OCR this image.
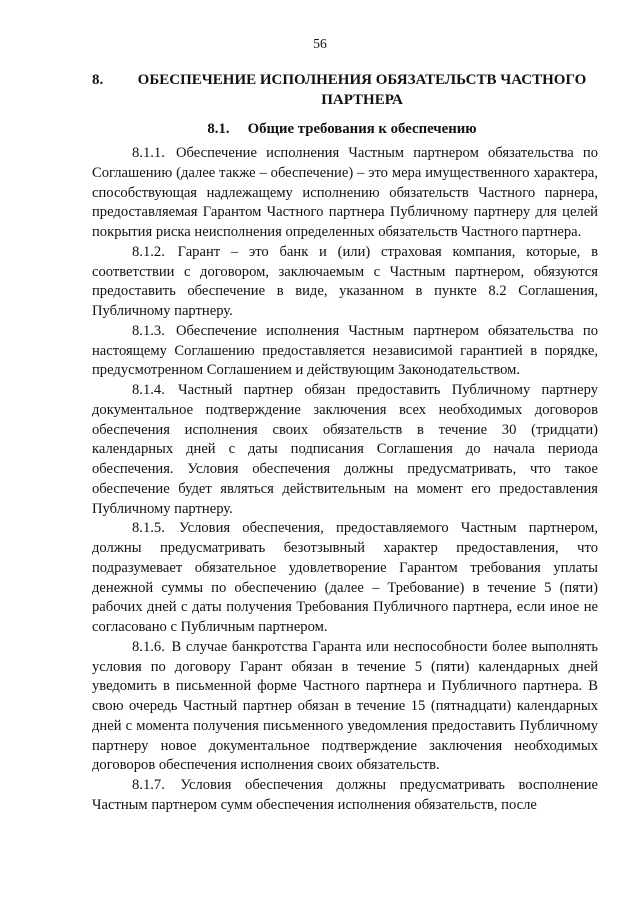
56
8.	ОБЕСПЕЧЕНИЕ ИСПОЛНЕНИЯ ОБЯЗАТЕЛЬСТВ ЧАСТНОГО ПАРТНЕРА
8.1. Общие требования к обеспечению

8.1.1. Обеспечение исполнения Частным партнером обязательства по Соглашению (далее также – обеспечение) – это мера имущественного характера, способствующая надлежащему исполнению обязательств Частного парнера, предоставляемая Гарантом Частного партнера Публичному партнеру для целей покрытия риска неисполнения определенных обязательств Частного партнера.

8.1.2. Гарант – это банк и (или) страховая компания, которые, в соответствии с договором, заключаемым с Частным партнером, обязуются предоставить обеспечение в виде, указанном в пункте 8.2 Соглашения, Публичному партнеру.

8.1.3. Обеспечение исполнения Частным партнером обязательства по настоящему Соглашению предоставляется независимой гарантией в порядке, предусмотренном Соглашением и действующим Законодательством.

8.1.4. Частный партнер обязан предоставить Публичному партнеру документальное подтверждение заключения всех необходимых договоров обеспечения исполнения своих обязательств в течение 30 (тридцати) календарных дней с даты подписания Соглашения до начала периода обеспечения. Условия обеспечения должны предусматривать, что такое обеспечение будет являться действительным на момент его предоставления Публичному партнеру.

8.1.5. Условия обеспечения, предоставляемого Частным партнером, должны предусматривать безотзывный характер предоставления, что подразумевает обязательное удовлетворение Гарантом требования уплаты денежной суммы по обеспечению (далее – Требование) в течение 5 (пяти) рабочих дней с даты получения Требования Публичного партнера, если иное не согласовано с Публичным партнером.

8.1.6. В случае банкротства Гаранта или неспособности более выполнять условия по договору Гарант обязан в течение 5 (пяти) календарных дней уведомить в письменной форме Частного партнера и Публичного партнера. В свою очередь Частный партнер обязан в течение 15 (пятнадцати) календарных дней с момента получения письменного уведомления предоставить Публичному партнеру новое документальное подтверждение заключения необходимых договоров обеспечения исполнения своих обязательств.

8.1.7. Условия обеспечения должны предусматривать восполнение Частным партнером сумм обеспечения исполнения обязательств, после
